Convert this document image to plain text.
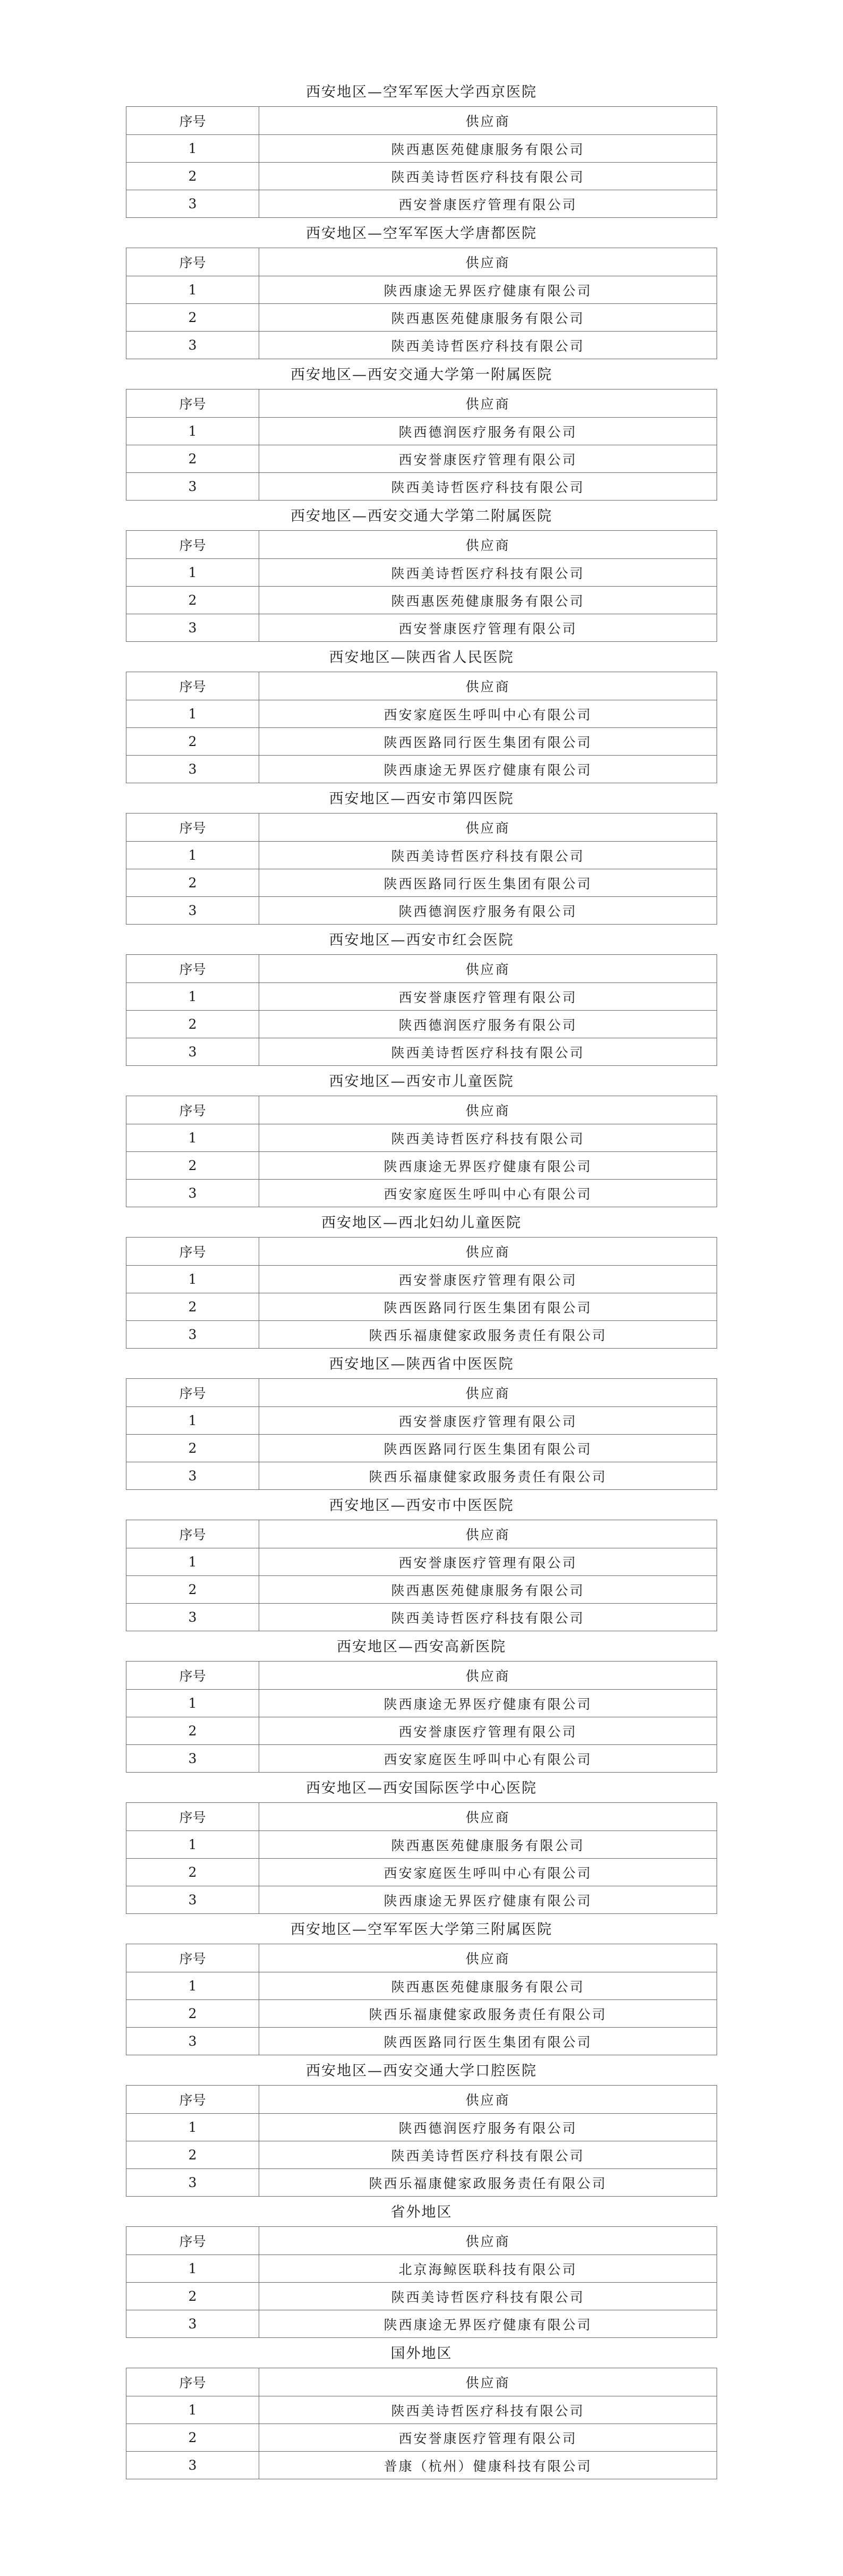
西安地区—空军军医大学西京医院
序号	供应商
1	陕西惠医苑健康服务有限公司
2	陕西美诗哲医疗科技有限公司
3	西安誉康医疗管理有限公司
西安地区—空军军医大学唐都医院
序号	供应商
1	陕西康途无界医疗健康有限公司
2	陕西惠医苑健康服务有限公司
3	陕西美诗哲医疗科技有限公司
西安地区—西安交通大学第一附属医院
序号	供应商
1	陕西德润医疗服务有限公司
2	西安誉康医疗管理有限公司
3	陕西美诗哲医疗科技有限公司
西安地区—西安交通大学第二附属医院
序号	供应商
1	陕西美诗哲医疗科技有限公司
2	陕西惠医苑健康服务有限公司
3	西安誉康医疗管理有限公司
西安地区—陕西省人民医院
序号	供应商
1	西安家庭医生呼叫中心有限公司
2	陕西医路同行医生集团有限公司
3	陕西康途无界医疗健康有限公司
西安地区—西安市第四医院
序号	供应商
1	陕西美诗哲医疗科技有限公司
2	陕西医路同行医生集团有限公司
3	陕西德润医疗服务有限公司
西安地区—西安市红会医院
序号	供应商
1	西安誉康医疗管理有限公司
2	陕西德润医疗服务有限公司
3	陕西美诗哲医疗科技有限公司
西安地区—西安市儿童医院
序号	供应商
1	陕西美诗哲医疗科技有限公司
2	陕西康途无界医疗健康有限公司
3	西安家庭医生呼叫中心有限公司
西安地区—西北妇幼儿童医院
序号	供应商
1	西安誉康医疗管理有限公司
2	陕西医路同行医生集团有限公司
3	陕西乐福康健家政服务责任有限公司
西安地区—陕西省中医医院
序号	供应商
1	西安誉康医疗管理有限公司
2	陕西医路同行医生集团有限公司
3	陕西乐福康健家政服务责任有限公司
西安地区—西安市中医医院
序号	供应商
1	西安誉康医疗管理有限公司
2	陕西惠医苑健康服务有限公司
3	陕西美诗哲医疗科技有限公司
西安地区—西安高新医院
序号	供应商
1	陕西康途无界医疗健康有限公司
2	西安誉康医疗管理有限公司
3	西安家庭医生呼叫中心有限公司
西安地区—西安国际医学中心医院
序号	供应商
1	陕西惠医苑健康服务有限公司
2	西安家庭医生呼叫中心有限公司
3	陕西康途无界医疗健康有限公司
西安地区—空军军医大学第三附属医院
序号	供应商
1	陕西惠医苑健康服务有限公司
2	陕西乐福康健家政服务责任有限公司
3	陕西医路同行医生集团有限公司
西安地区—西安交通大学口腔医院
序号	供应商
1	陕西德润医疗服务有限公司
2	陕西美诗哲医疗科技有限公司
3	陕西乐福康健家政服务责任有限公司
省外地区
序号	供应商
1	北京海鲸医联科技有限公司
2	陕西美诗哲医疗科技有限公司
3	陕西康途无界医疗健康有限公司
国外地区
序号	供应商
1	陕西美诗哲医疗科技有限公司
2	西安誉康医疗管理有限公司
3	普康（杭州）健康科技有限公司
